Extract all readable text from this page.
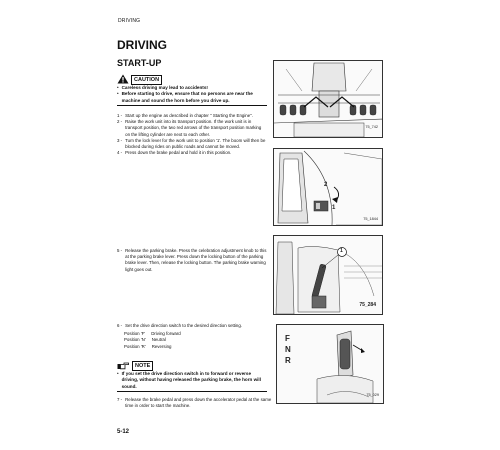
DRIVING
DRIVING
START-UP
CAUTION
• Careless driving may lead to accidents!
• Before starting to drive, ensure that no persons are near the machine and sound the horn before you drive up.
1 - Start up the engine as described in chapter " Starting the Engine".
2 - Raise the work unit into its transport position. If the work unit is in transport position, the two red arrows of the transport position marking on the lifting cylinder are next to each other.
3 - Turn the lock lever for the work unit to position '1'. The boom will then be blocked during rides on public roads and cannot be moved.
4 - Press down the brake pedal and hold it in this position.
5 - Release the parking brake. Press the celebration adjustment knob to this at the parking brake lever. Press down the locking button of the parking brake lever. Then, release the locking button. The parking brake warning light goes out.
6 - Set the drive direction switch to the desired direction setting.
Position 'F' Driving forward
Position 'N' Neutral
Position 'R' Reversing
NOTE
• If you set the drive direction switch in to forward or reverse driving, without having released the parking brake, the horn will sound.
7 - Release the brake pedal and press down the accelerator pedal at the same time in order to start the machine.
5-12
75_742
2
1
75_1844
1
75_284
F
N
R
75_029
